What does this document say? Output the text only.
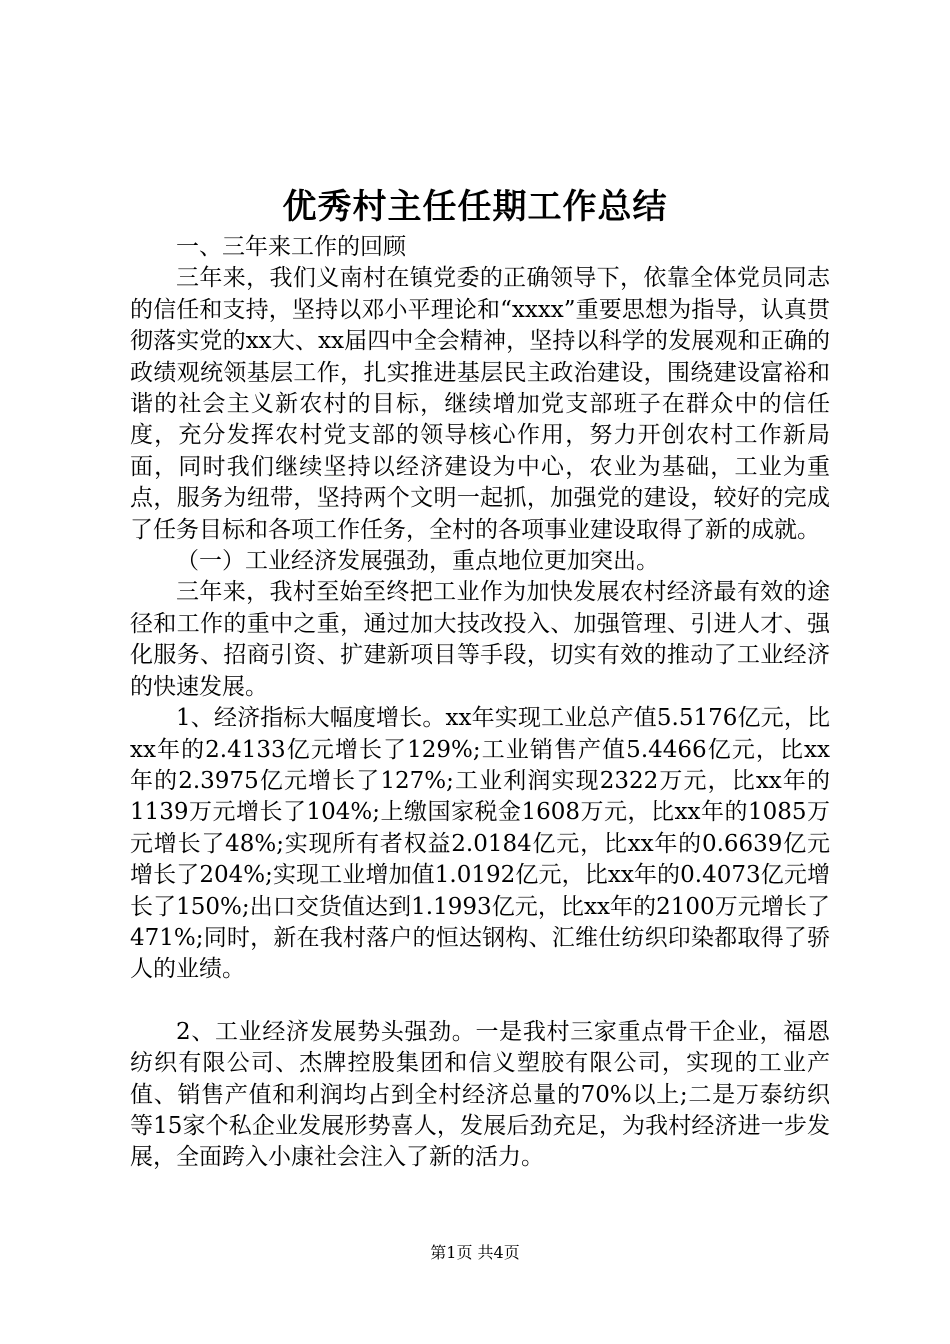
优秀村主任任期工作总结

一、三年来工作的回顾

三年来，我们义南村在镇党委的正确领导下，依靠全体党员同志的信任和支持，坚持以邓小平理论和“xxxx”重要思想为指导，认真贯彻落实党的xx大、xx届四中全会精神，坚持以科学的发展观和正确的政绩观统领基层工作，扎实推进基层民主政治建设，围绕建设富裕和谐的社会主义新农村的目标，继续增加党支部班子在群众中的信任度，充分发挥农村党支部的领导核心作用，努力开创农村工作新局面，同时我们继续坚持以经济建设为中心，农业为基础，工业为重点，服务为纽带，坚持两个文明一起抓，加强党的建设，较好的完成了任务目标和各项工作任务，全村的各项事业建设取得了新的成就。

（一）工业经济发展强劲，重点地位更加突出。

三年来，我村至始至终把工业作为加快发展农村经济最有效的途径和工作的重中之重，通过加大技改投入、加强管理、引进人才、强化服务、招商引资、扩建新项目等手段，切实有效的推动了工业经济的快速发展。

1、经济指标大幅度增长。xx年实现工业总产值5.5176亿元，比xx年的2.4133亿元增长了129%;工业销售产值5.4466亿元，比xx年的2.3975亿元增长了127%;工业利润实现2322万元，比xx年的1139万元增长了104%;上缴国家税金1608万元，比xx年的1085万元增长了48%;实现所有者权益2.0184亿元，比xx年的0.6639亿元增长了204%;实现工业增加值1.0192亿元，比xx年的0.4073亿元增长了150%;出口交货值达到1.1993亿元，比xx年的2100万元增长了471%;同时，新在我村落户的恒达钢构、汇维仕纺织印染都取得了骄人的业绩。

2、工业经济发展势头强劲。一是我村三家重点骨干企业，福恩纺织有限公司、杰牌控股集团和信义塑胶有限公司，实现的工业产值、销售产值和利润均占到全村经济总量的70%以上;二是万泰纺织等15家个私企业发展形势喜人，发展后劲充足，为我村经济进一步发展，全面跨入小康社会注入了新的活力。

第1页 共4页
